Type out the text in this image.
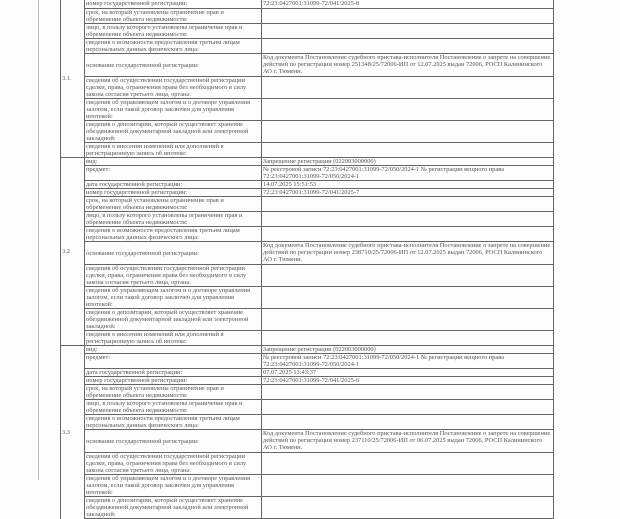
3.1.	номер государственной регистрации:	72:23:0427001:31099-72/041/2025-8
	срок, на который установлены ограничение прав и обременение объекта недвижимости:	
	лицо, в пользу которого установлены ограничение прав и обременение объекта недвижимости:	
	сведения о возможности предоставления третьим лицам персональных данных физического лица:	
	основание государственной регистрации:	Код документа Постановление судебного пристава-исполнителя Постановление о запрете на совершение действий по регистрации номер 251348/25/72006-ИП от 12.07.2025 выдан 72006, РОСП Калининского АО г. Тюмени.
	сведения об осуществлении государственной регистрации сделки, права, ограничения права без необходимого в силу закона согласия третьего лица, органа:	
	сведения об управляющем залогом и о договоре управления залогом, если такой договор заключен для управления ипотекой:	
	сведения о депозитарии, который осуществляет хранение обездвиженной документарной закладной или электронной закладной:	
	сведения о внесении изменений или дополнений в регистрационную запись об ипотеке:	
3.2	вид:	Запрещение регистрации (022003000000)
	предмет:	№ реестровой записи 72:23:0427001:31099-72/050/2024-1 № регистрации вещного права 72:23:0427001:31099-72/050/2024-1
	дата государственной регистрации:	14.07.2025 15:51:53
	номер государственной регистрации:	72:23:0427001:31099-72/041/2025-7
	срок, на который установлены ограничение прав и обременение объекта недвижимости:	
	лицо, в пользу которого установлены ограничение прав и обременение объекта недвижимости:	
	сведения о возможности предоставления третьим лицам персональных данных физического лица:	
	основание государственной регистрации:	Код документа Постановление судебного пристава-исполнителя Постановление о запрете на совершение действий по регистрации номер 238710/25/72006-ИП от 12.07.2025 выдан 72006, РОСП Калининского АО г. Тюмени.
	сведения об осуществлении государственной регистрации сделки, права, ограничения права без необходимого в силу закона согласия третьего лица, органа:	
	сведения об управляющем залогом и о договоре управления залогом, если такой договор заключен для управления ипотекой:	
	сведения о депозитарии, который осуществляет хранение обездвиженной документарной закладной или электронной закладной:	
	сведения о внесении изменений или дополнений в регистрационную запись об ипотеке:	
3.3	вид:	Запрещение регистрации (022003000000)
	предмет:	№ реестровой записи 72:23:0427001:31099-72/050/2024-1 № регистрации вещного права 72:23:0427001:31099-72/050/2024-1
	дата государственной регистрации:	07.07.2025 13:43:37
	номер государственной регистрации:	72:23:0427001:31099-72/041/2025-6
	срок, на который установлены ограничение прав и обременение объекта недвижимости:	
	лицо, в пользу которого установлены ограничение прав и обременение объекта недвижимости:	
	сведения о возможности предоставления третьим лицам персональных данных физического лица:	
	основание государственной регистрации:	Код документа Постановление судебного пристава-исполнителя Постановление о запрете на совершение действий по регистрации номер 237110/25/72006-ИП от 06.07.2025 выдан 72006, РОСП Калининского АО г. Тюмени.
	сведения об осуществлении государственной регистрации сделки, права, ограничения права без необходимого в силу закона согласия третьего лица, органа:	
	сведения об управляющем залогом и о договоре управления залогом, если такой договор заключен для управления ипотекой:	
	сведения о депозитарии, который осуществляет хранение обездвиженной документарной закладной или электронной закладной:	
